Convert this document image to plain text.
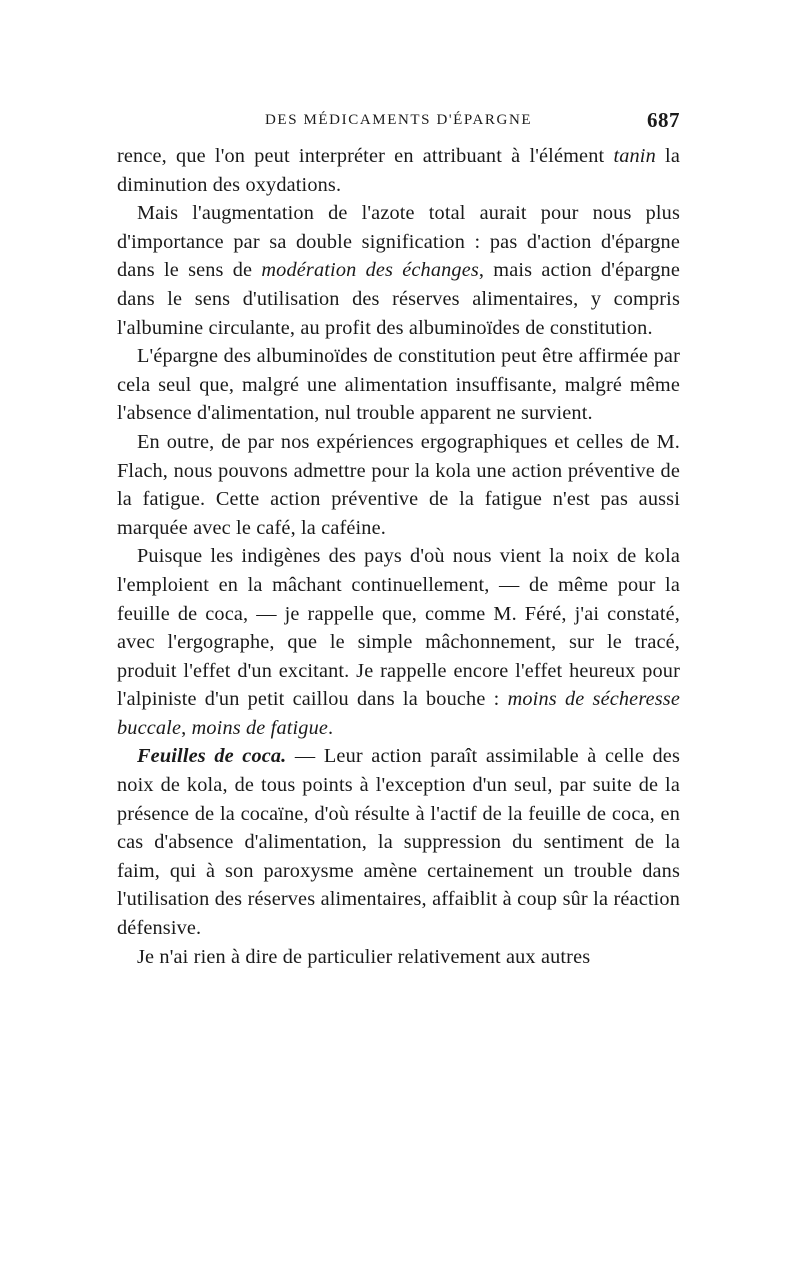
DES MÉDICAMENTS D'ÉPARGNE	687

rence, que l'on peut interpréter en attribuant à l'élément tanin la diminution des oxydations.

Mais l'augmentation de l'azote total aurait pour nous plus d'importance par sa double signification : pas d'action d'épargne dans le sens de modération des échanges, mais action d'épargne dans le sens d'utilisation des réserves alimentaires, y compris l'albumine circulante, au profit des albuminoïdes de constitution.

L'épargne des albuminoïdes de constitution peut être affirmée par cela seul que, malgré une alimentation insuffisante, malgré même l'absence d'alimentation, nul trouble apparent ne survient.

En outre, de par nos expériences ergographiques et celles de M. Flach, nous pouvons admettre pour la kola une action préventive de la fatigue. Cette action préventive de la fatigue n'est pas aussi marquée avec le café, la caféine.

Puisque les indigènes des pays d'où nous vient la noix de kola l'emploient en la mâchant continuellement, — de même pour la feuille de coca, — je rappelle que, comme M. Féré, j'ai constaté, avec l'ergographe, que le simple mâchonnement, sur le tracé, produit l'effet d'un excitant. Je rappelle encore l'effet heureux pour l'alpiniste d'un petit caillou dans la bouche : moins de sécheresse buccale, moins de fatigue.

Feuilles de coca. — Leur action paraît assimilable à celle des noix de kola, de tous points à l'exception d'un seul, par suite de la présence de la cocaïne, d'où résulte à l'actif de la feuille de coca, en cas d'absence d'alimentation, la suppression du sentiment de la faim, qui à son paroxysme amène certainement un trouble dans l'utilisation des réserves alimentaires, affaiblit à coup sûr la réaction défensive.

Je n'ai rien à dire de particulier relativement aux autres
